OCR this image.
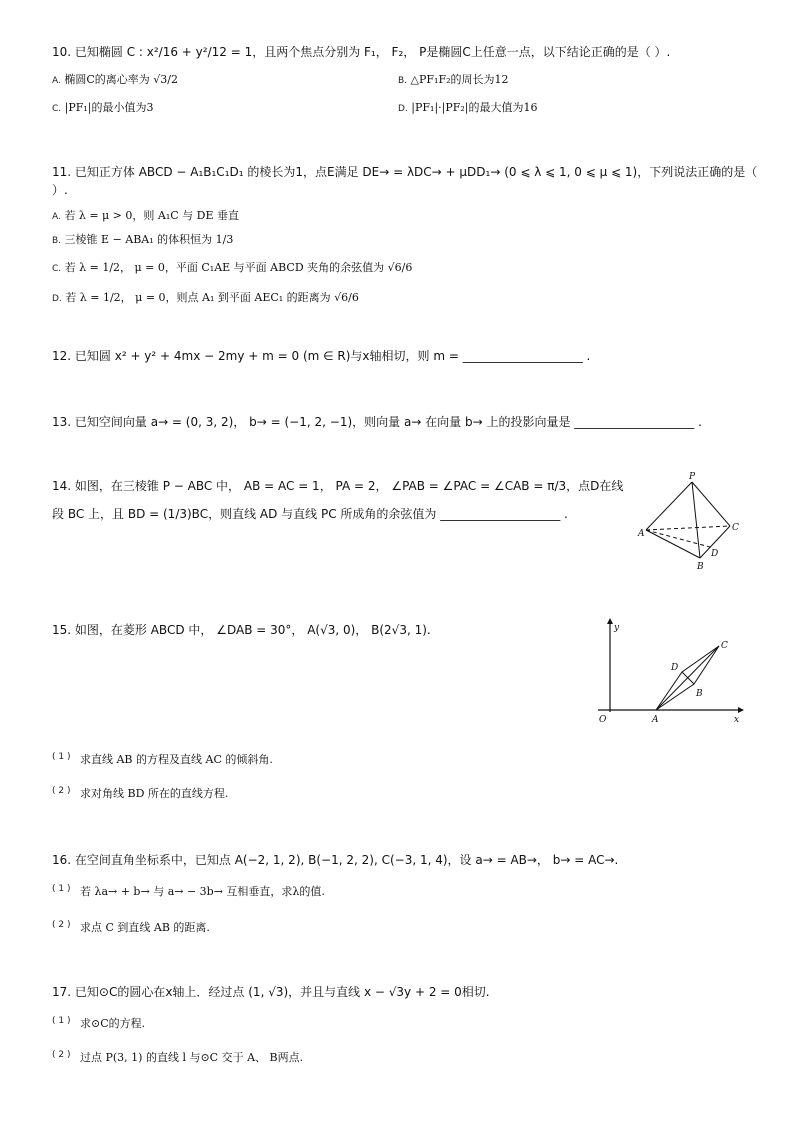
10. 已知椭圆 C : x²/16 + y²/12 = 1，且两个焦点分别为 F₁， F₂， P是椭圆C上任意一点，以下结论正确的是（ ）.
A. 椭圆C的离心率为 √3/2	B. △PF₁F₂的周长为12
C. |PF₁|的最小值为3	D. |PF₁|·|PF₂|的最大值为16
11. 已知正方体 ABCD − A₁B₁C₁D₁ 的棱长为1，点E满足 DE→ = λDC→ + μDD₁→ (0 ⩽ λ ⩽ 1, 0 ⩽ μ ⩽ 1)，下列说法正确的是（
）.
A. 若 λ = μ > 0，则 A₁C 与 DE 垂直
B. 三棱锥 E − ABA₁ 的体积恒为 1/3
C. 若 λ = 1/2， μ = 0，平面 C₁AE 与平面 ABCD 夹角的余弦值为 √6/6
D. 若 λ = 1/2， μ = 0，则点 A₁ 到平面 AEC₁ 的距离为 √6/6
12. 已知圆 x² + y² + 4mx − 2my + m = 0 (m ∈ R)与x轴相切，则 m = ____________________ .
13. 已知空间向量 a→ = (0, 3, 2)， b→ = (−1, 2, −1)，则向量 a→ 在向量 b→ 上的投影向量是 ____________________ .
14. 如图，在三棱锥 P − ABC 中， AB = AC = 1， PA = 2， ∠PAB = ∠PAC = ∠CAB = π/3，点D在线
段 BC 上，且 BD = (1/3)BC，则直线 AD 与直线 PC 所成角的余弦值为 ____________________ .
P
A
C
D
B
15. 如图，在菱形 ABCD 中， ∠DAB = 30°， A(√3, 0)， B(2√3, 1).	y
x
O	A
B
C
D
$^{( 1 )}$ 求直线 AB 的方程及直线 AC 的倾斜角.
$^{( 2 )}$ 求对角线 BD 所在的直线方程.
16. 在空间直角坐标系中，已知点 A(−2, 1, 2), B(−1, 2, 2), C(−3, 1, 4)，设 a→ = AB→， b→ = AC→.
$^{( 1 )}$ 若 λa→ + b→ 与 a→ − 3b→ 互相垂直，求λ的值.
$^{( 2 )}$ 求点 C 到直线 AB 的距离.
17. 已知⊙C的圆心在x轴上．经过点 (1, √3)，并且与直线 x − √3y + 2 = 0相切.
$^{( 1 )}$ 求⊙C的方程.
$^{( 2 )}$ 过点 P(3, 1) 的直线 l 与⊙C 交于 A、 B两点.
